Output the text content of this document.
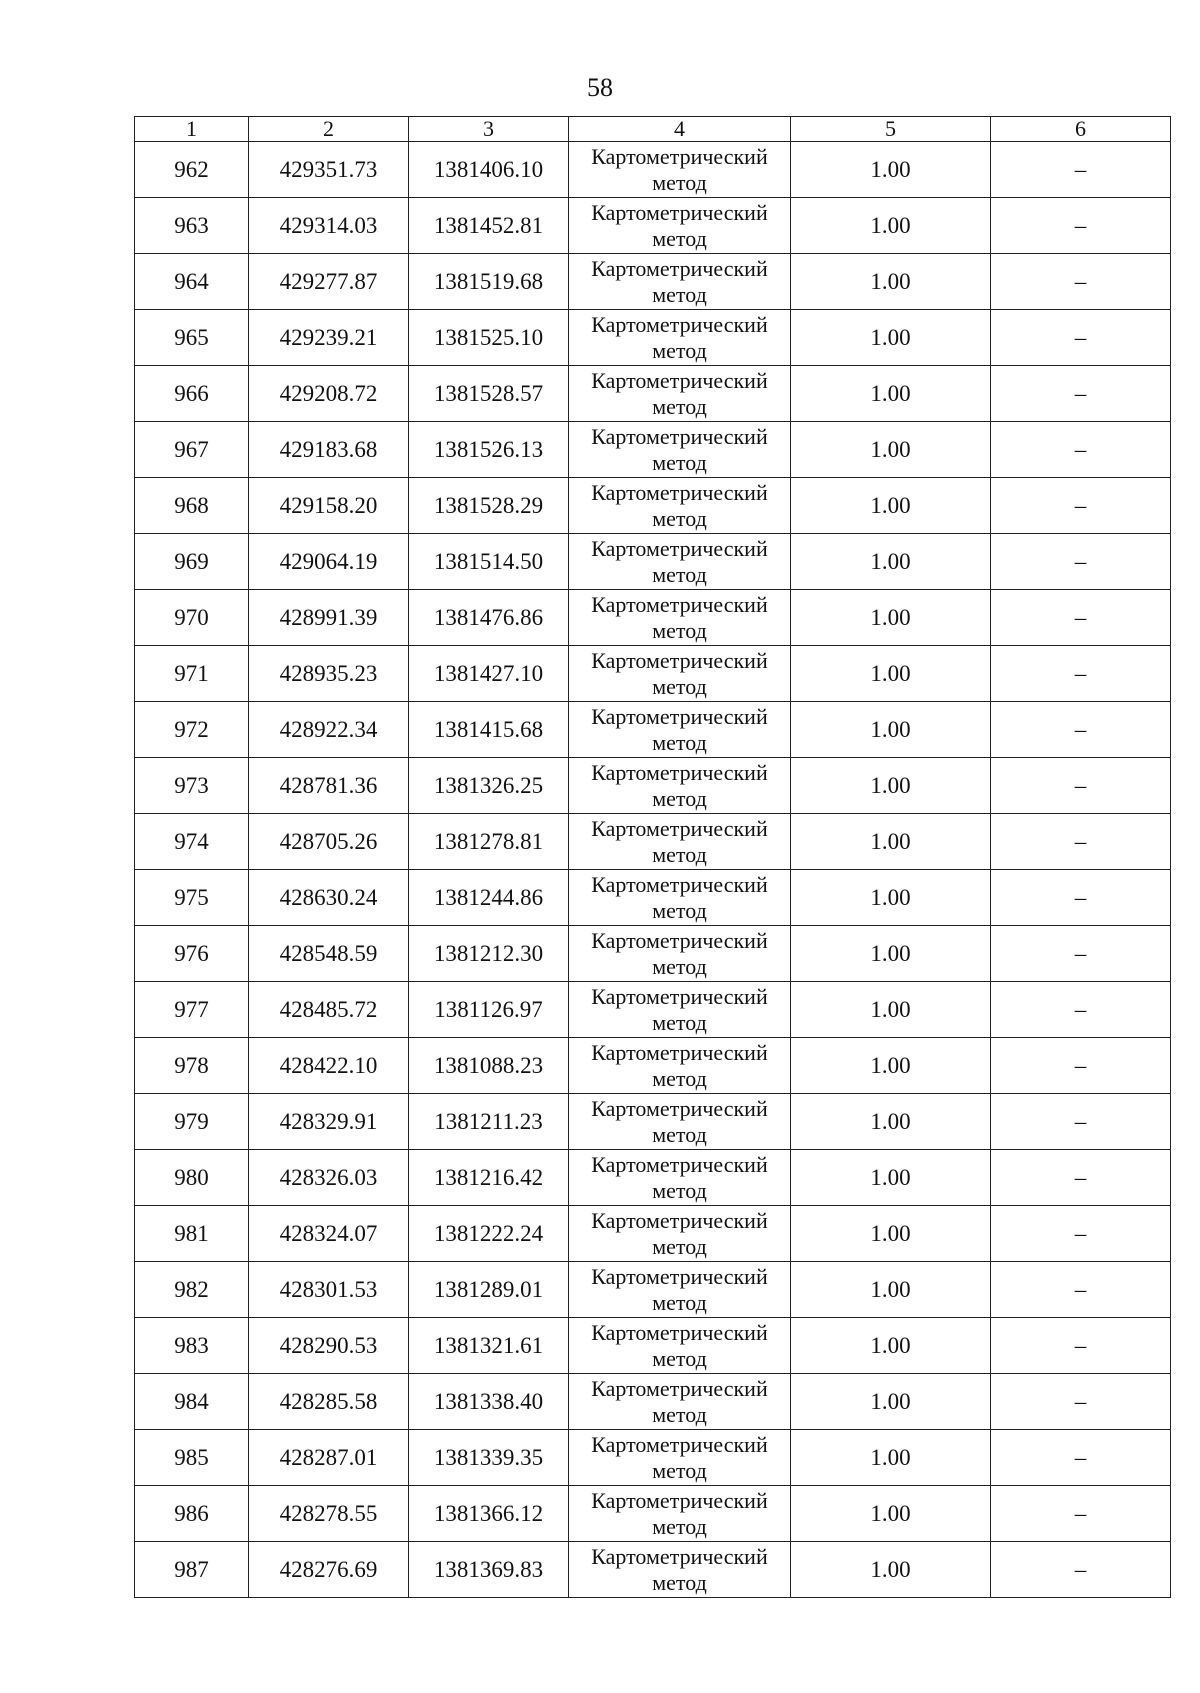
58
1	2	3	4	5	6
962	429351.73	1381406.10	Картометрический метод	1.00	–
963	429314.03	1381452.81	Картометрический метод	1.00	–
964	429277.87	1381519.68	Картометрический метод	1.00	–
965	429239.21	1381525.10	Картометрический метод	1.00	–
966	429208.72	1381528.57	Картометрический метод	1.00	–
967	429183.68	1381526.13	Картометрический метод	1.00	–
968	429158.20	1381528.29	Картометрический метод	1.00	–
969	429064.19	1381514.50	Картометрический метод	1.00	–
970	428991.39	1381476.86	Картометрический метод	1.00	–
971	428935.23	1381427.10	Картометрический метод	1.00	–
972	428922.34	1381415.68	Картометрический метод	1.00	–
973	428781.36	1381326.25	Картометрический метод	1.00	–
974	428705.26	1381278.81	Картометрический метод	1.00	–
975	428630.24	1381244.86	Картометрический метод	1.00	–
976	428548.59	1381212.30	Картометрический метод	1.00	–
977	428485.72	1381126.97	Картометрический метод	1.00	–
978	428422.10	1381088.23	Картометрический метод	1.00	–
979	428329.91	1381211.23	Картометрический метод	1.00	–
980	428326.03	1381216.42	Картометрический метод	1.00	–
981	428324.07	1381222.24	Картометрический метод	1.00	–
982	428301.53	1381289.01	Картометрический метод	1.00	–
983	428290.53	1381321.61	Картометрический метод	1.00	–
984	428285.58	1381338.40	Картометрический метод	1.00	–
985	428287.01	1381339.35	Картометрический метод	1.00	–
986	428278.55	1381366.12	Картометрический метод	1.00	–
987	428276.69	1381369.83	Картометрический метод	1.00	–
